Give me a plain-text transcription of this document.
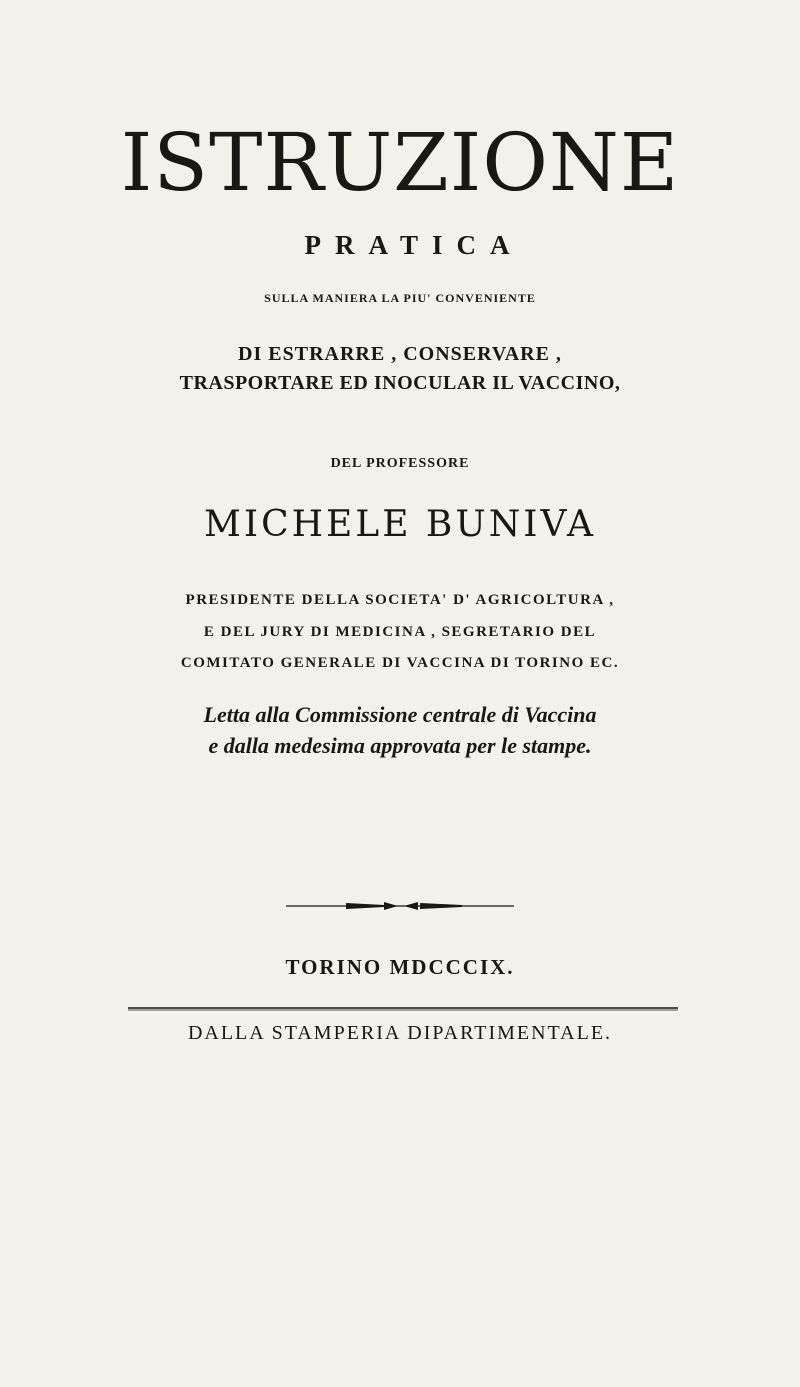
ISTRUZIONE
PRATICA
SULLA MANIERA LA PIU' CONVENIENTE
DI ESTRARRE , CONSERVARE ,
TRASPORTARE ED INOCULAR IL VACCINO,
DEL PROFESSORE
MICHELE BUNIVA
PRESIDENTE DELLA SOCIETA' D' AGRICOLTURA ,
E DEL JURY DI MEDICINA , SEGRETARIO DEL
COMITATO GENERALE DI VACCINA DI TORINO EC.
Letta alla Commissione centrale di Vaccina
e dalla medesima approvata per le stampe.
TORINO MDCCCIX.
DALLA STAMPERIA DIPARTIMENTALE.
